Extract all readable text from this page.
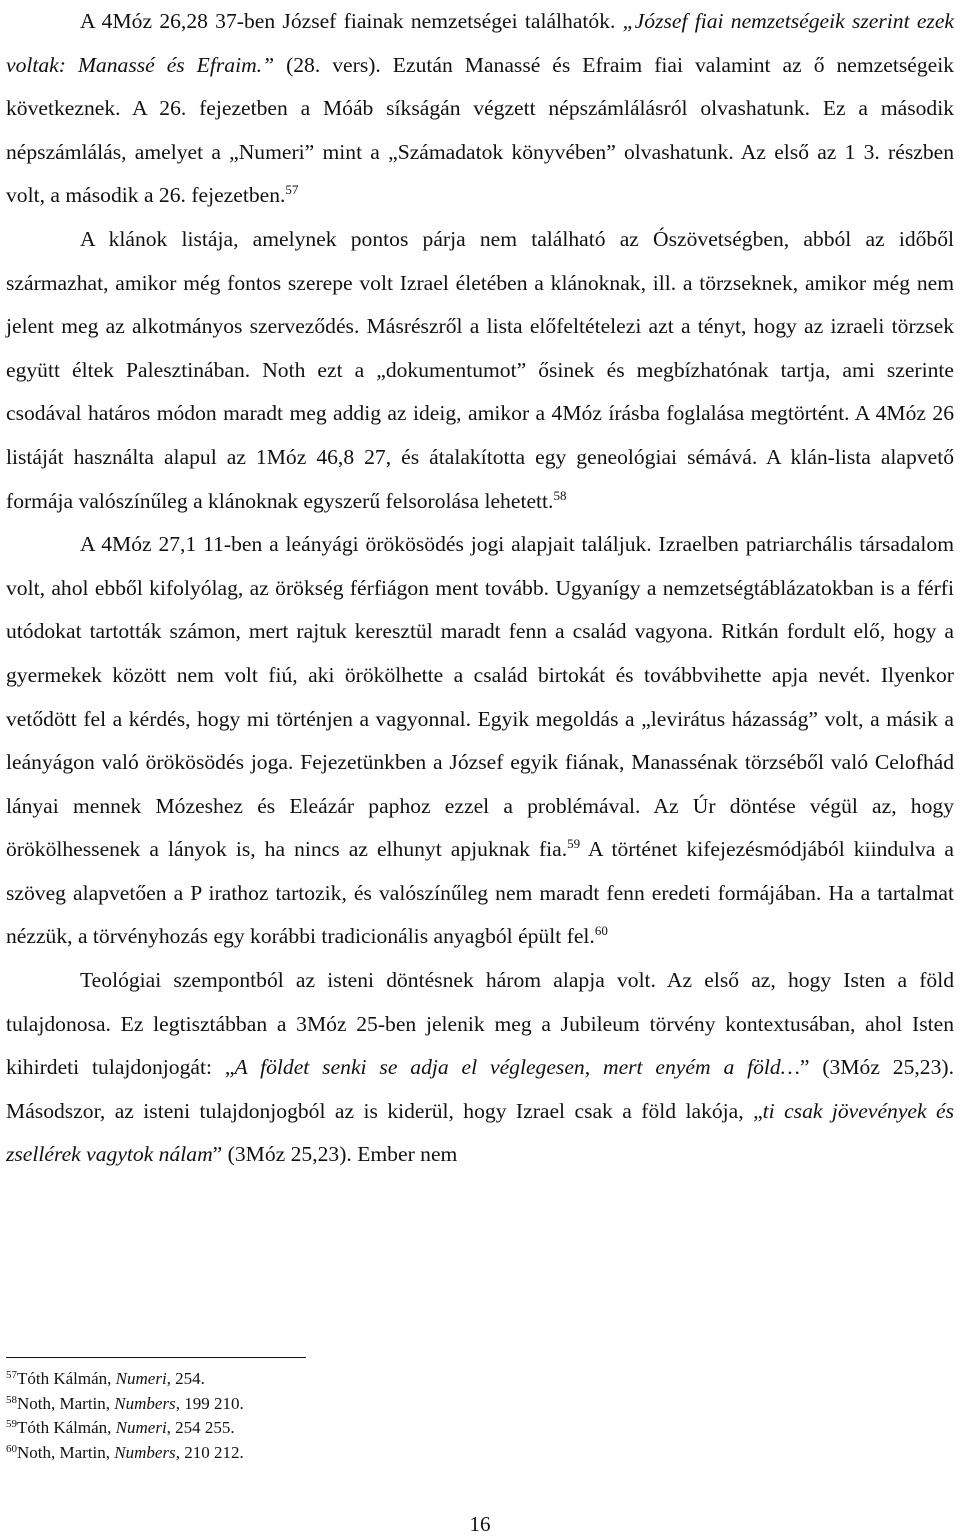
A 4Móz 26,28 37-ben József fiainak nemzetségei találhatók. „József fiai nemzetségeik szerint ezek voltak: Manassé és Efraim.” (28. vers). Ezután Manassé és Efraim fiai valamint az ő nemzetségeik következnek. A 26. fejezetben a Móáb síkságán végzett népszámlálásról olvashatunk. Ez a második népszámlálás, amelyet a „Numeri” mint a „Számadatok könyvében” olvashatunk. Az első az 1 3. részben volt, a második a 26. fejezetben.$^{57}$

A klánok listája, amelynek pontos párja nem található az Ószövetségben, abból az időből származhat, amikor még fontos szerepe volt Izrael életében a klánoknak, ill. a törzseknek, amikor még nem jelent meg az alkotmányos szerveződés. Másrészről a lista előfeltételezi azt a tényt, hogy az izraeli törzsek együtt éltek Palesztinában. Noth ezt a „dokumentumot” ősinek és megbízhatónak tartja, ami szerinte csodával határos módon maradt meg addig az ideig, amikor a 4Móz írásba foglalása megtörtént. A 4Móz 26 listáját használta alapul az 1Móz 46,8 27, és átalakította egy geneológiai sémává. A klán-lista alapvető formája valószínűleg a klánoknak egyszerű felsorolása lehetett.$^{58}$

A 4Móz 27,1 11-ben a leányági örökösödés jogi alapjait találjuk. Izraelben patriarchális társadalom volt, ahol ebből kifolyólag, az örökség férfiágon ment tovább. Ugyanígy a nemzetségtáblázatokban is a férfi utódokat tartották számon, mert rajtuk keresztül maradt fenn a család vagyona. Ritkán fordult elő, hogy a gyermekek között nem volt fiú, aki örökölhette a család birtokát és továbbvihette apja nevét. Ilyenkor vetődött fel a kérdés, hogy mi történjen a vagyonnal. Egyik megoldás a „levirátus házasság” volt, a másik a leányágon való örökösödés joga. Fejezetünkben a József egyik fiának, Manassénak törzséből való Celofhád lányai mennek Mózeshez és Eleázár paphoz ezzel a problémával. Az Úr döntése végül az, hogy örökölhessenek a lányok is, ha nincs az elhunyt apjuknak fia.$^{59}$ A történet kifejezésmódjából kiindulva a szöveg alapvetően a P irathoz tartozik, és valószínűleg nem maradt fenn eredeti formájában. Ha a tartalmat nézzük, a törvényhozás egy korábbi tradicionális anyagból épült fel.$^{60}$

Teológiai szempontból az isteni döntésnek három alapja volt. Az első az, hogy Isten a föld tulajdonosa. Ez legtisztábban a 3Móz 25-ben jelenik meg a Jubileum törvény kontextusában, ahol Isten kihirdeti tulajdonjogát: „A földet senki se adja el véglegesen, mert enyém a föld…” (3Móz 25,23). Másodszor, az isteni tulajdonjogból az is kiderül, hogy Izrael csak a föld lakója, „ti csak jövevények és zsellérek vagytok nálam” (3Móz 25,23). Ember nem

$^{57}$Tóth Kálmán, Numeri, 254.
$^{58}$Noth, Martin, Numbers, 199 210.
$^{59}$Tóth Kálmán, Numeri, 254 255.
$^{60}$Noth, Martin, Numbers, 210 212.
16
